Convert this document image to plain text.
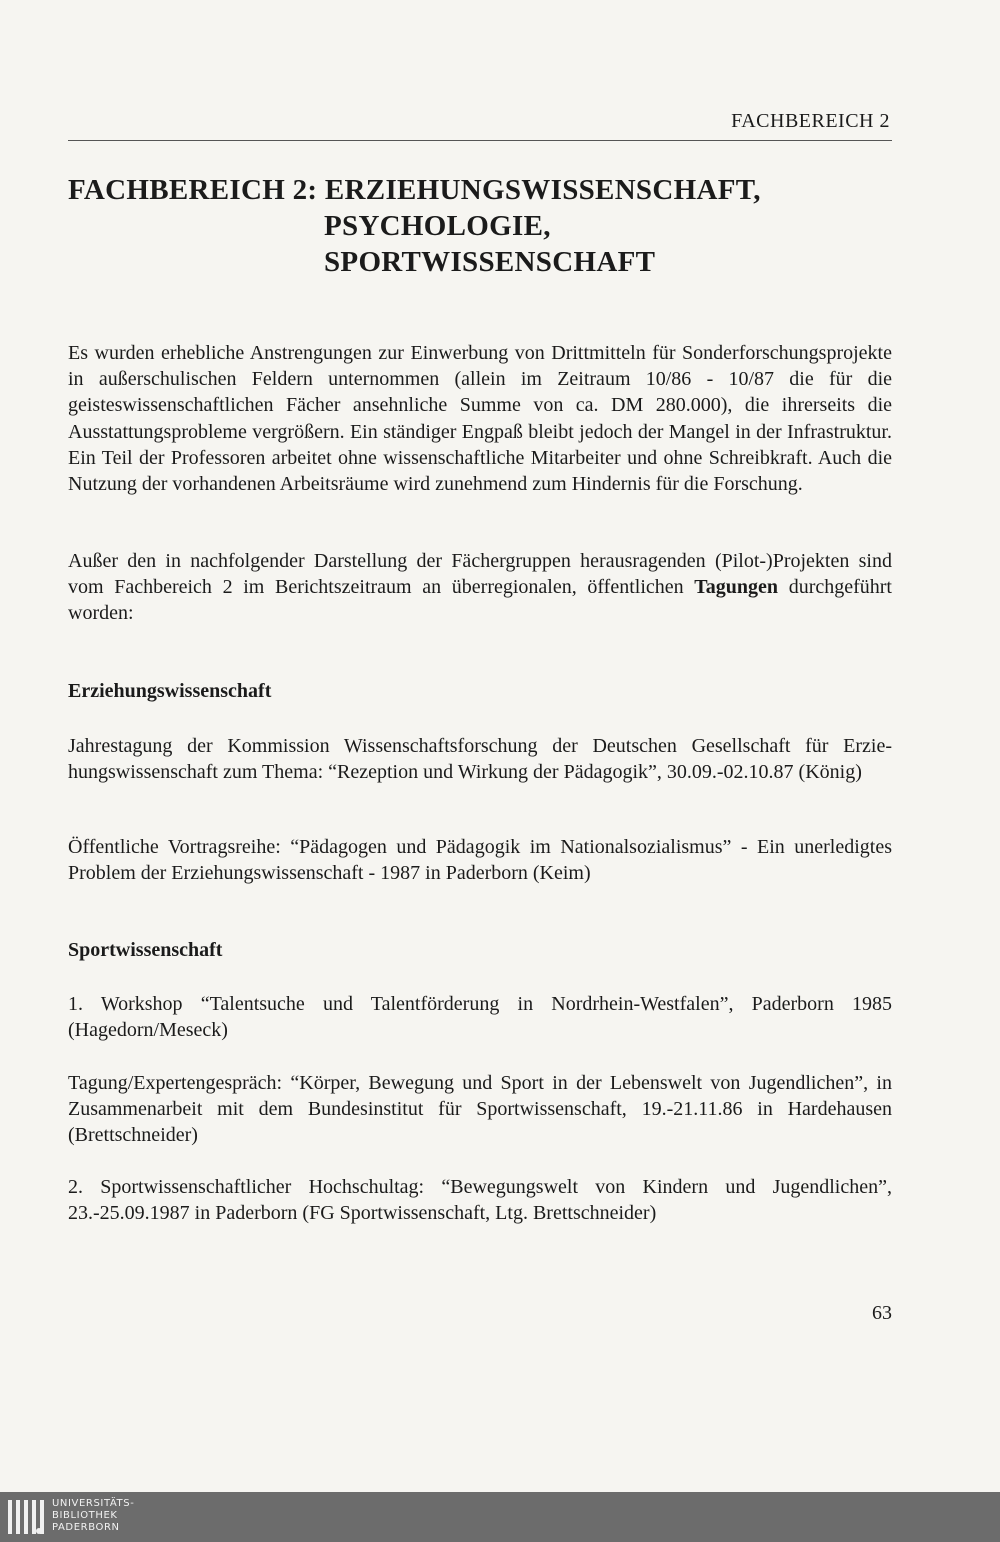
FACHBEREICH 2
FACHBEREICH 2: ERZIEHUNGSWISSENSCHAFT,
PSYCHOLOGIE, SPORTWISSENSCHAFT

Es wurden erhebliche Anstrengungen zur Einwerbung von Drittmitteln für Sonderforschungsprojekte in außerschulischen Feldern unternommen (allein im Zeitraum 10/86 - 10/87 die für die geisteswissenschaftlichen Fächer ansehnliche Summe von ca. DM 280.000), die ihrerseits die Ausstattungsprobleme vergrößern. Ein ständiger Engpaß bleibt jedoch der Mangel in der Infrastruktur. Ein Teil der Professoren arbeitet ohne wissenschaftliche Mitarbeiter und ohne Schreibkraft. Auch die Nutzung der vorhandenen Arbeitsräume wird zunehmend zum Hindernis für die Forschung.

Außer den in nachfolgender Darstellung der Fächergruppen herausragenden (Pilot-)Projekten sind vom Fachbereich 2 im Berichtszeitraum an überregionalen, öffentlichen Tagungen durchgeführt worden:

Erziehungswissenschaft

Jahrestagung der Kommission Wissenschaftsforschung der Deutschen Gesellschaft für Erziehungswissenschaft zum Thema: “Rezeption und Wirkung der Pädagogik”, 30.09.-02.10.87 (König)

Öffentliche Vortragsreihe: “Pädagogen und Pädagogik im Nationalsozialismus” - Ein unerledigtes Problem der Erziehungswissenschaft - 1987 in Paderborn (Keim)

Sportwissenschaft

1. Workshop “Talentsuche und Talentförderung in Nordrhein-Westfalen”, Paderborn 1985 (Hagedorn/Meseck)

Tagung/Expertengespräch: “Körper, Bewegung und Sport in der Lebenswelt von Jugendlichen”, in Zusammenarbeit mit dem Bundesinstitut für Sportwissenschaft, 19.-21.11.86 in Hardehausen (Brettschneider)

2. Sportwissenschaftlicher Hochschultag: “Bewegungswelt von Kindern und Jugendlichen”, 23.-25.09.1987 in Paderborn (FG Sportwissenschaft, Ltg. Brettschneider)

63
UNIVERSITÄTS-
BIBLIOTHEK
PADERBORN
